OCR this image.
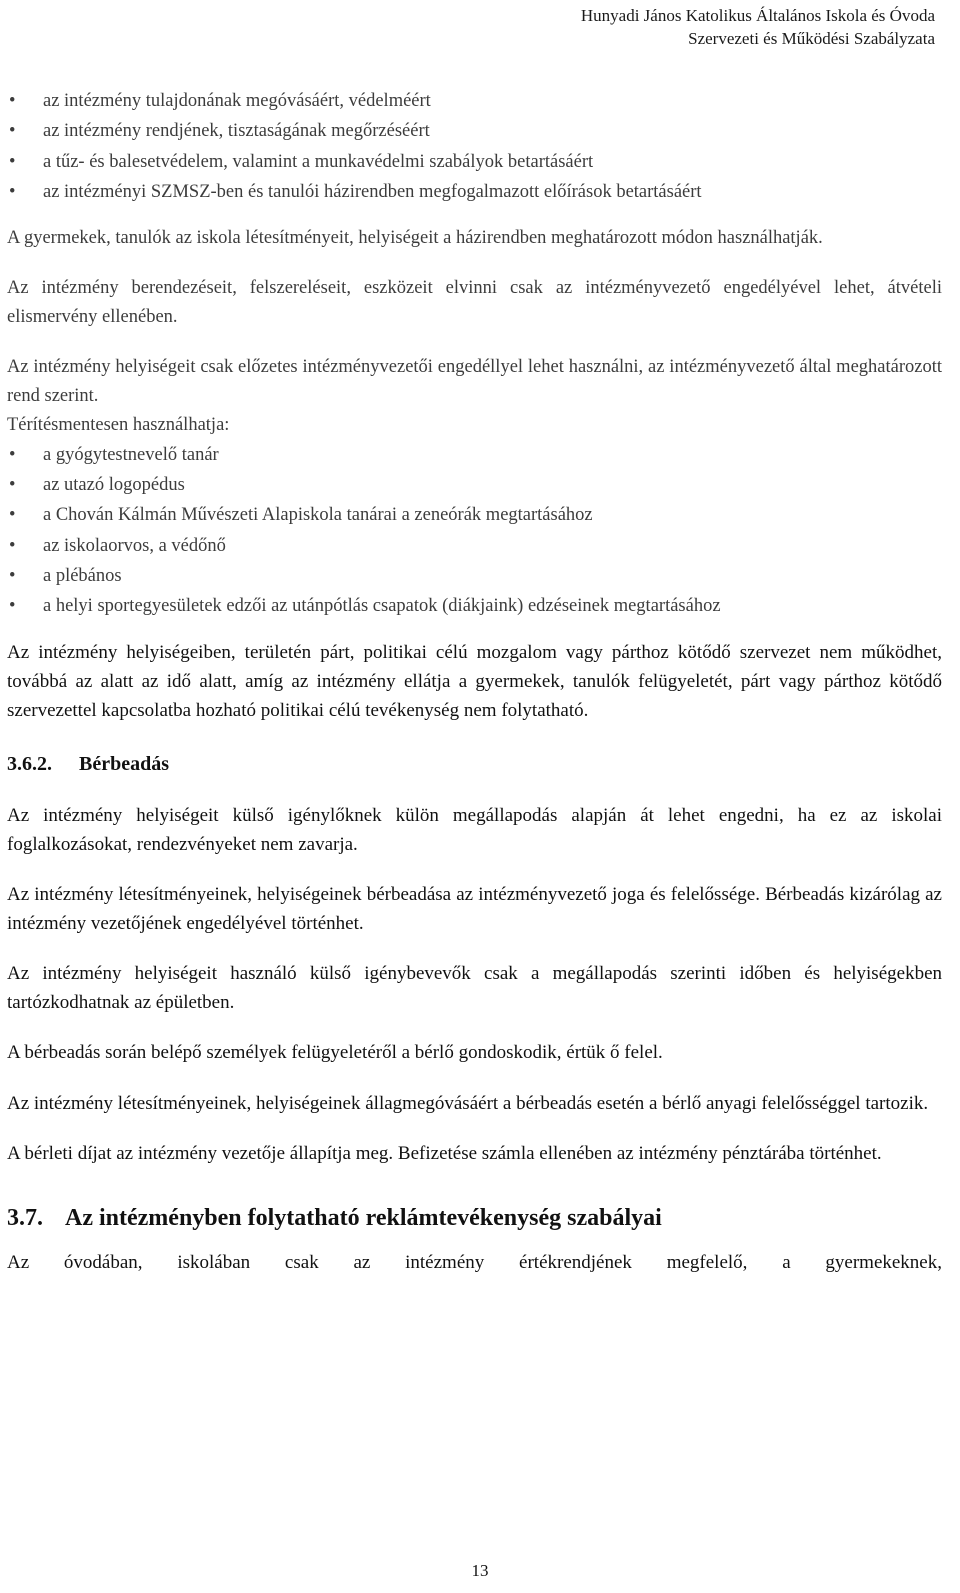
Hunyadi János Katolikus Általános Iskola és Óvoda
Szervezeti és Működési Szabályzata
• az intézmény tulajdonának megóvásáért, védelméért
• az intézmény rendjének, tisztaságának megőrzéséért
• a tűz- és balesetvédelem, valamint a munkavédelmi szabályok betartásáért
• az intézményi SZMSZ-ben és tanulói házirendben megfogalmazott előírások betartásáért

A gyermekek, tanulók az iskola létesítményeit, helyiségeit a házirendben meghatározott módon használhatják.

Az intézmény berendezéseit, felszereléseit, eszközeit elvinni csak az intézményvezető engedélyével lehet, átvételi elismervény ellenében.

Az intézmény helyiségeit csak előzetes intézményvezetői engedéllyel lehet használni, az intézményvezető által meghatározott rend szerint.

Térítésmentesen használhatja:

• a gyógytestnevelő tanár
• az utazó logopédus
• a Chován Kálmán Művészeti Alapiskola tanárai a zeneórák megtartásához
• az iskolaorvos, a védőnő
• a plébános
• a helyi sportegyesületek edzői az utánpótlás csapatok (diákjaink) edzéseinek megtartásához

Az intézmény helyiségeiben, területén párt, politikai célú mozgalom vagy párthoz kötődő szervezet nem működhet, továbbá az alatt az idő alatt, amíg az intézmény ellátja a gyermekek, tanulók felügyeletét, párt vagy párthoz kötődő szervezettel kapcsolatba hozható politikai célú tevékenység nem folytatható.

3.6.2. Bérbeadás

Az intézmény helyiségeit külső igénylőknek külön megállapodás alapján át lehet engedni, ha ez az iskolai foglalkozásokat, rendezvényeket nem zavarja.

Az intézmény létesítményeinek, helyiségeinek bérbeadása az intézményvezető joga és felelőssége. Bérbeadás kizárólag az intézmény vezetőjének engedélyével történhet.

Az intézmény helyiségeit használó külső igénybevevők csak a megállapodás szerinti időben és helyiségekben tartózkodhatnak az épületben.

A bérbeadás során belépő személyek felügyeletéről a bérlő gondoskodik, értük ő felel.

Az intézmény létesítményeinek, helyiségeinek állagmegóvásáért a bérbeadás esetén a bérlő anyagi felelősséggel tartozik.

A bérleti díjat az intézmény vezetője állapítja meg. Befizetése számla ellenében az intézmény pénztárába történhet.

3.7. Az intézményben folytatható reklámtevékenység szabályai

Az óvodában, iskolában csak az intézmény értékrendjének megfelelő, a gyermekeknek,

13
